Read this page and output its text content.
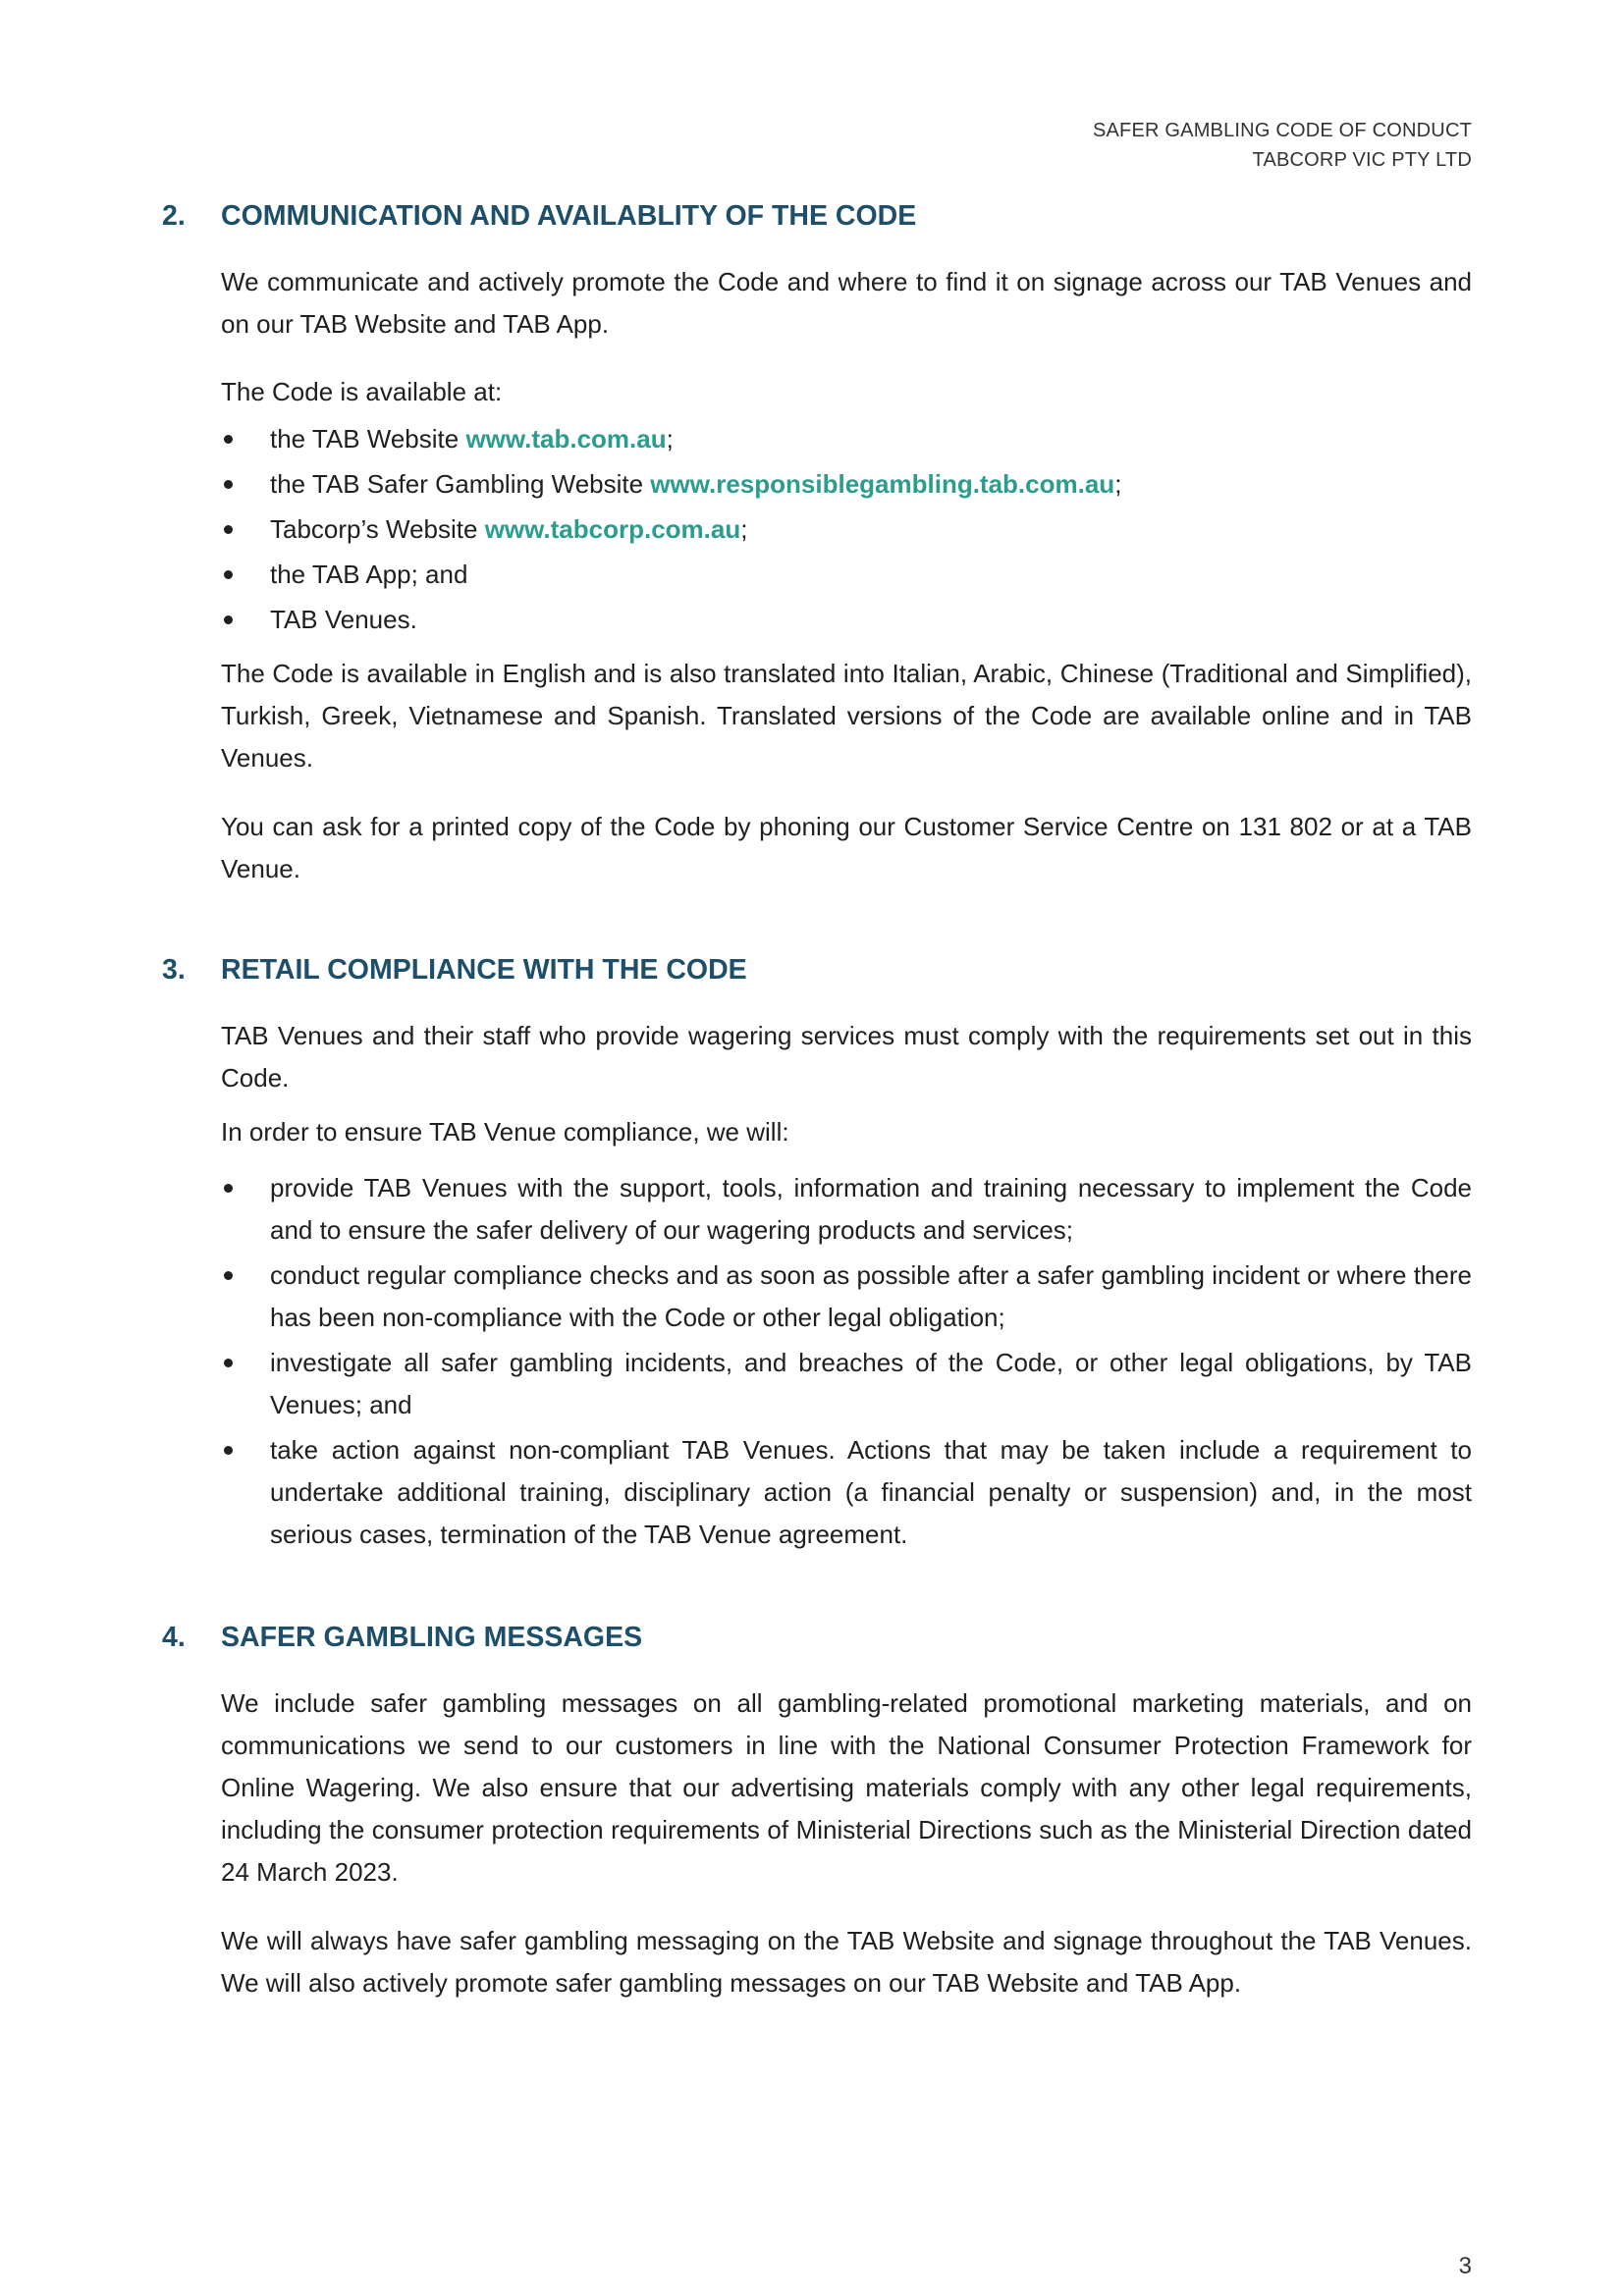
SAFER GAMBLING CODE OF CONDUCT
TABCORP VIC PTY LTD
2.	COMMUNICATION AND AVAILABLITY OF THE CODE

We communicate and actively promote the Code and where to find it on signage across our TAB Venues and on our TAB Website and TAB App.

The Code is available at:

the TAB Website www.tab.com.au;
the TAB Safer Gambling Website www.responsiblegambling.tab.com.au;
Tabcorp’s Website www.tabcorp.com.au;
the TAB App; and
TAB Venues.

The Code is available in English and is also translated into Italian, Arabic, Chinese (Traditional and Simplified), Turkish, Greek, Vietnamese and Spanish. Translated versions of the Code are available online and in TAB Venues.

You can ask for a printed copy of the Code by phoning our Customer Service Centre on 131 802 or at a TAB Venue.

3.	RETAIL COMPLIANCE WITH THE CODE

TAB Venues and their staff who provide wagering services must comply with the requirements set out in this Code.

In order to ensure TAB Venue compliance, we will:

provide TAB Venues with the support, tools, information and training necessary to implement the Code and to ensure the safer delivery of our wagering products and services;
conduct regular compliance checks and as soon as possible after a safer gambling incident or where there has been non-compliance with the Code or other legal obligation;
investigate all safer gambling incidents, and breaches of the Code, or other legal obligations, by TAB Venues; and
take action against non-compliant TAB Venues. Actions that may be taken include a requirement to undertake additional training, disciplinary action (a financial penalty or suspension) and, in the most serious cases, termination of the TAB Venue agreement.
4.	SAFER GAMBLING MESSAGES

We include safer gambling messages on all gambling-related promotional marketing materials, and on communications we send to our customers in line with the National Consumer Protection Framework for Online Wagering. We also ensure that our advertising materials comply with any other legal requirements, including the consumer protection requirements of Ministerial Directions such as the Ministerial Direction dated 24 March 2023.

We will always have safer gambling messaging on the TAB Website and signage throughout the TAB Venues. We will also actively promote safer gambling messages on our TAB Website and TAB App.

3
